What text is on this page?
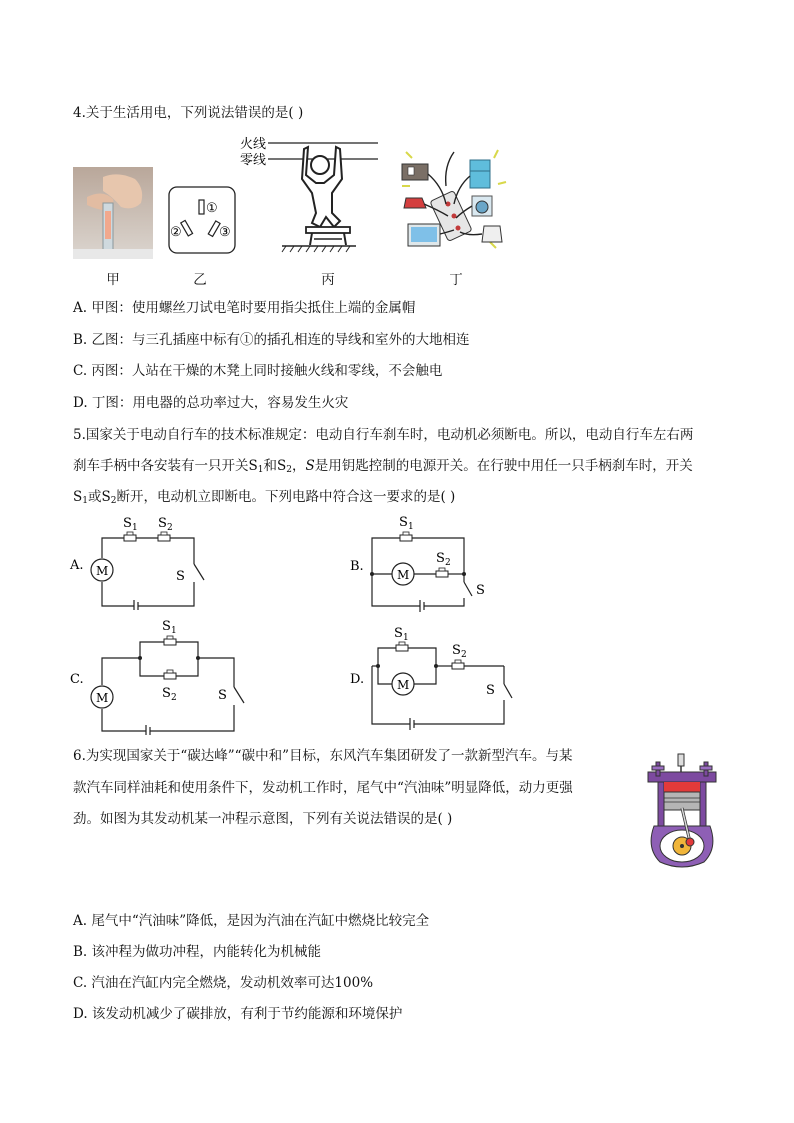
4.关于生活用电，下列说法错误的是( )
甲
①
②	③
乙
火线
零线
丙	丁
A. 甲图：使用螺丝刀试电笔时要用指尖抵住上端的金属帽
B. 乙图：与三孔插座中标有①的插孔相连的导线和室外的大地相连
C. 丙图：人站在干燥的木凳上同时接触火线和零线，不会触电
D. 丁图：用电器的总功率过大，容易发生火灾
5.国家关于电动自行车的技术标准规定：电动自行车刹车时，电动机必须断电。所以，电动自行车左右两
刹车手柄中各安装有一只开关$S_1$和$S_2$，S是用钥匙控制的电源开关。在行驶中用任一只手柄刹车时，开关
$S_1$或$S_2$断开，电动机立即断电。下列电路中符合这一要求的是( )
A. M
S 1 S 2
S
B.
M
S 1
S 2
S
C.
M
S 1
S 2	S
D.	M
S 1
S 2
S
6.为实现国家关于“碳达峰”“碳中和”目标，东风汽车集团研发了一款新型汽车。与某
款汽车同样油耗和使用条件下，发动机工作时，尾气中“汽油味”明显降低，动力更强
劲。如图为其发动机某一冲程示意图，下列有关说法错误的是( )
A. 尾气中“汽油味”降低，是因为汽油在汽缸中燃烧比较完全
B. 该冲程为做功冲程，内能转化为机械能
C. 汽油在汽缸内完全燃烧，发动机效率可达100%
D. 该发动机减少了碳排放，有利于节约能源和环境保护
